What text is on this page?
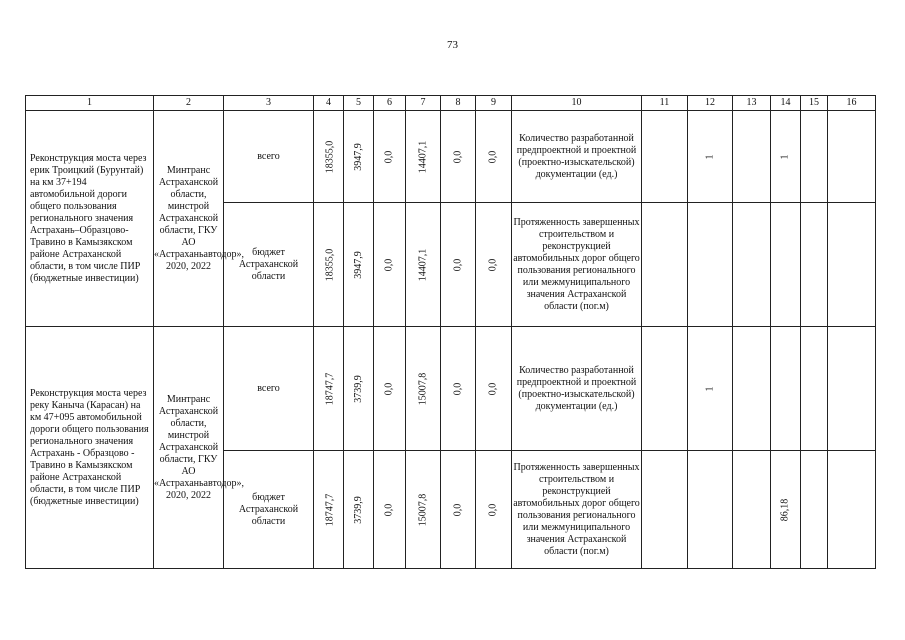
73
1	2	3	4	5	6	7	8	9	10	11	12	13	14	15	16
Реконструкция моста через ерик Троицкий (Бурунтай) на км 37+194 автомобильной дороги общего пользования регионального значения Астрахань–Образцово-Травино в Камызякском районе Астраханской области, в том числе ПИР (бюджетные инвестиции)	Минтранс Астраханской области, минстрой Астраханской области, ГКУ АО «Астраханьавтодор», 2020, 2022	всего	18355,0	3947,9	0,0	14407,1	0,0	0,0	Количество разработанной предпроектной и проектной (проектно-изыскательской) документации (ед.)		1		1		
		бюджет Астраханской области	18355,0	3947,9	0,0	14407,1	0,0	0,0	Протяженность завершенных строительством и реконструкцией автомобильных дорог общего пользования регионального или межмуниципального значения Астраханской области (пог.м)						
Реконструкция моста через реку Каныча (Карасан) на км 47+095 автомобильной дороги общего пользования регионального значения Астрахань - Образцово - Травино в Камызякском районе Астраханской области, в том числе ПИР (бюджетные инвестиции)	Минтранс Астраханской области, минстрой Астраханской области, ГКУ АО «Астраханьавтодор», 2020, 2022	всего	18747,7	3739,9	0,0	15007,8	0,0	0,0	Количество разработанной предпроектной и проектной (проектно-изыскательской) документации (ед.)		1				
		бюджет Астраханской области	18747,7	3739,9	0,0	15007,8	0,0	0,0	Протяженность завершенных строительством и реконструкцией автомобильных дорог общего пользования регионального или межмуниципального значения Астраханской области (пог.м)				86,18		
